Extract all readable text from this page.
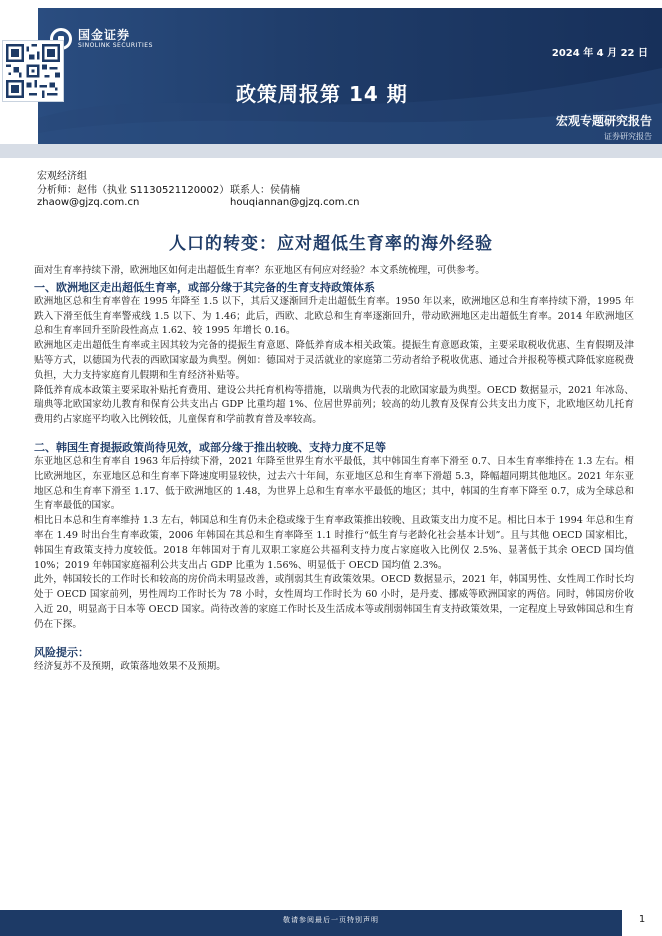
国金证券
SINOLINK SECURITIES
2024 年 4 月 22 日
政策周报第 14 期
宏观专题研究报告
证券研究报告
宏观经济组
分析师：赵伟（执业 S1130521120002） 联系人：侯倩楠
zhaow@gjzq.com.cn	houqiannan@gjzq.com.cn
人口的转变：应对超低生育率的海外经验

面对生育率持续下滑，欧洲地区如何走出超低生育率？东亚地区有何应对经验？本文系统梳理，可供参考。

一、欧洲地区走出超低生育率，或部分缘于其完备的生育支持政策体系

欧洲地区总和生育率曾在 1995 年降至 1.5 以下，其后又逐渐回升走出超低生育率。1950 年以来，欧洲地区总和生育率持续下滑，1995 年跌入下滑至低生育率警戒线 1.5 以下、为 1.46；此后，西欧、北欧总和生育率逐渐回升，带动欧洲地区走出超低生育率。2014 年欧洲地区总和生育率回升至阶段性高点 1.62、较 1995 年增长 0.16。

欧洲地区走出超低生育率或主因其较为完备的提振生育意愿、降低养育成本相关政策。提振生育意愿政策，主要采取税收优惠、生育假期及津贴等方式，以德国为代表的西欧国家最为典型。例如：德国对于灵活就业的家庭第二劳动者给予税收优惠、通过合并报税等模式降低家庭税费负担，大力支持家庭育儿假期和生育经济补贴等。

降低养育成本政策主要采取补贴托育费用、建设公共托育机构等措施，以瑞典为代表的北欧国家最为典型。OECD 数据显示，2021 年冰岛、瑞典等北欧国家幼儿教育和保育公共支出占 GDP 比重均超 1%、位居世界前列；较高的幼儿教育及保育公共支出力度下，北欧地区幼儿托育费用约占家庭平均收入比例较低，儿童保育和学前教育普及率较高。

二、韩国生育提振政策尚待见效，或部分缘于推出较晚、支持力度不足等

东亚地区总和生育率自 1963 年后持续下滑，2021 年降至世界生育水平最低，其中韩国生育率下滑至 0.7、日本生育率维持在 1.3 左右。相比欧洲地区，东亚地区总和生育率下降速度明显较快，过去六十年间，东亚地区总和生育率下滑超 5.3，降幅超同期其他地区。2021 年东亚地区总和生育率下滑至 1.17、低于欧洲地区的 1.48，为世界上总和生育率水平最低的地区；其中，韩国的生育率下降至 0.7，成为全球总和生育率最低的国家。

相比日本总和生育率维持 1.3 左右，韩国总和生育仍未企稳或缘于生育率政策推出较晚、且政策支出力度不足。相比日本于 1994 年总和生育率在 1.49 时出台生育率政策，2006 年韩国在其总和生育率降至 1.1 时推行“低生育与老龄化社会基本计划”。且与其他 OECD 国家相比，韩国生育政策支持力度较低。2018 年韩国对于育儿双职工家庭公共福利支持力度占家庭收入比例仅 2.5%、显著低于其余 OECD 国均值 10%；2019 年韩国家庭福利公共支出占 GDP 比重为 1.56%、明显低于 OECD 国均值 2.3%。

此外，韩国较长的工作时长和较高的房价尚未明显改善，或削弱其生育政策效果。OECD 数据显示，2021 年，韩国男性、女性周工作时长均处于 OECD 国家前列，男性周均工作时长为 78 小时，女性周均工作时长为 60 小时，是丹麦、挪威等欧洲国家的两倍。同时，韩国房价收入近 20，明显高于日本等 OECD 国家。尚待改善的家庭工作时长及生活成本等或削弱韩国生育支持政策效果，一定程度上导致韩国总和生育仍在下探。

风险提示：

经济复苏不及预期，政策落地效果不及预期。

敬请参阅最后一页特别声明	1
